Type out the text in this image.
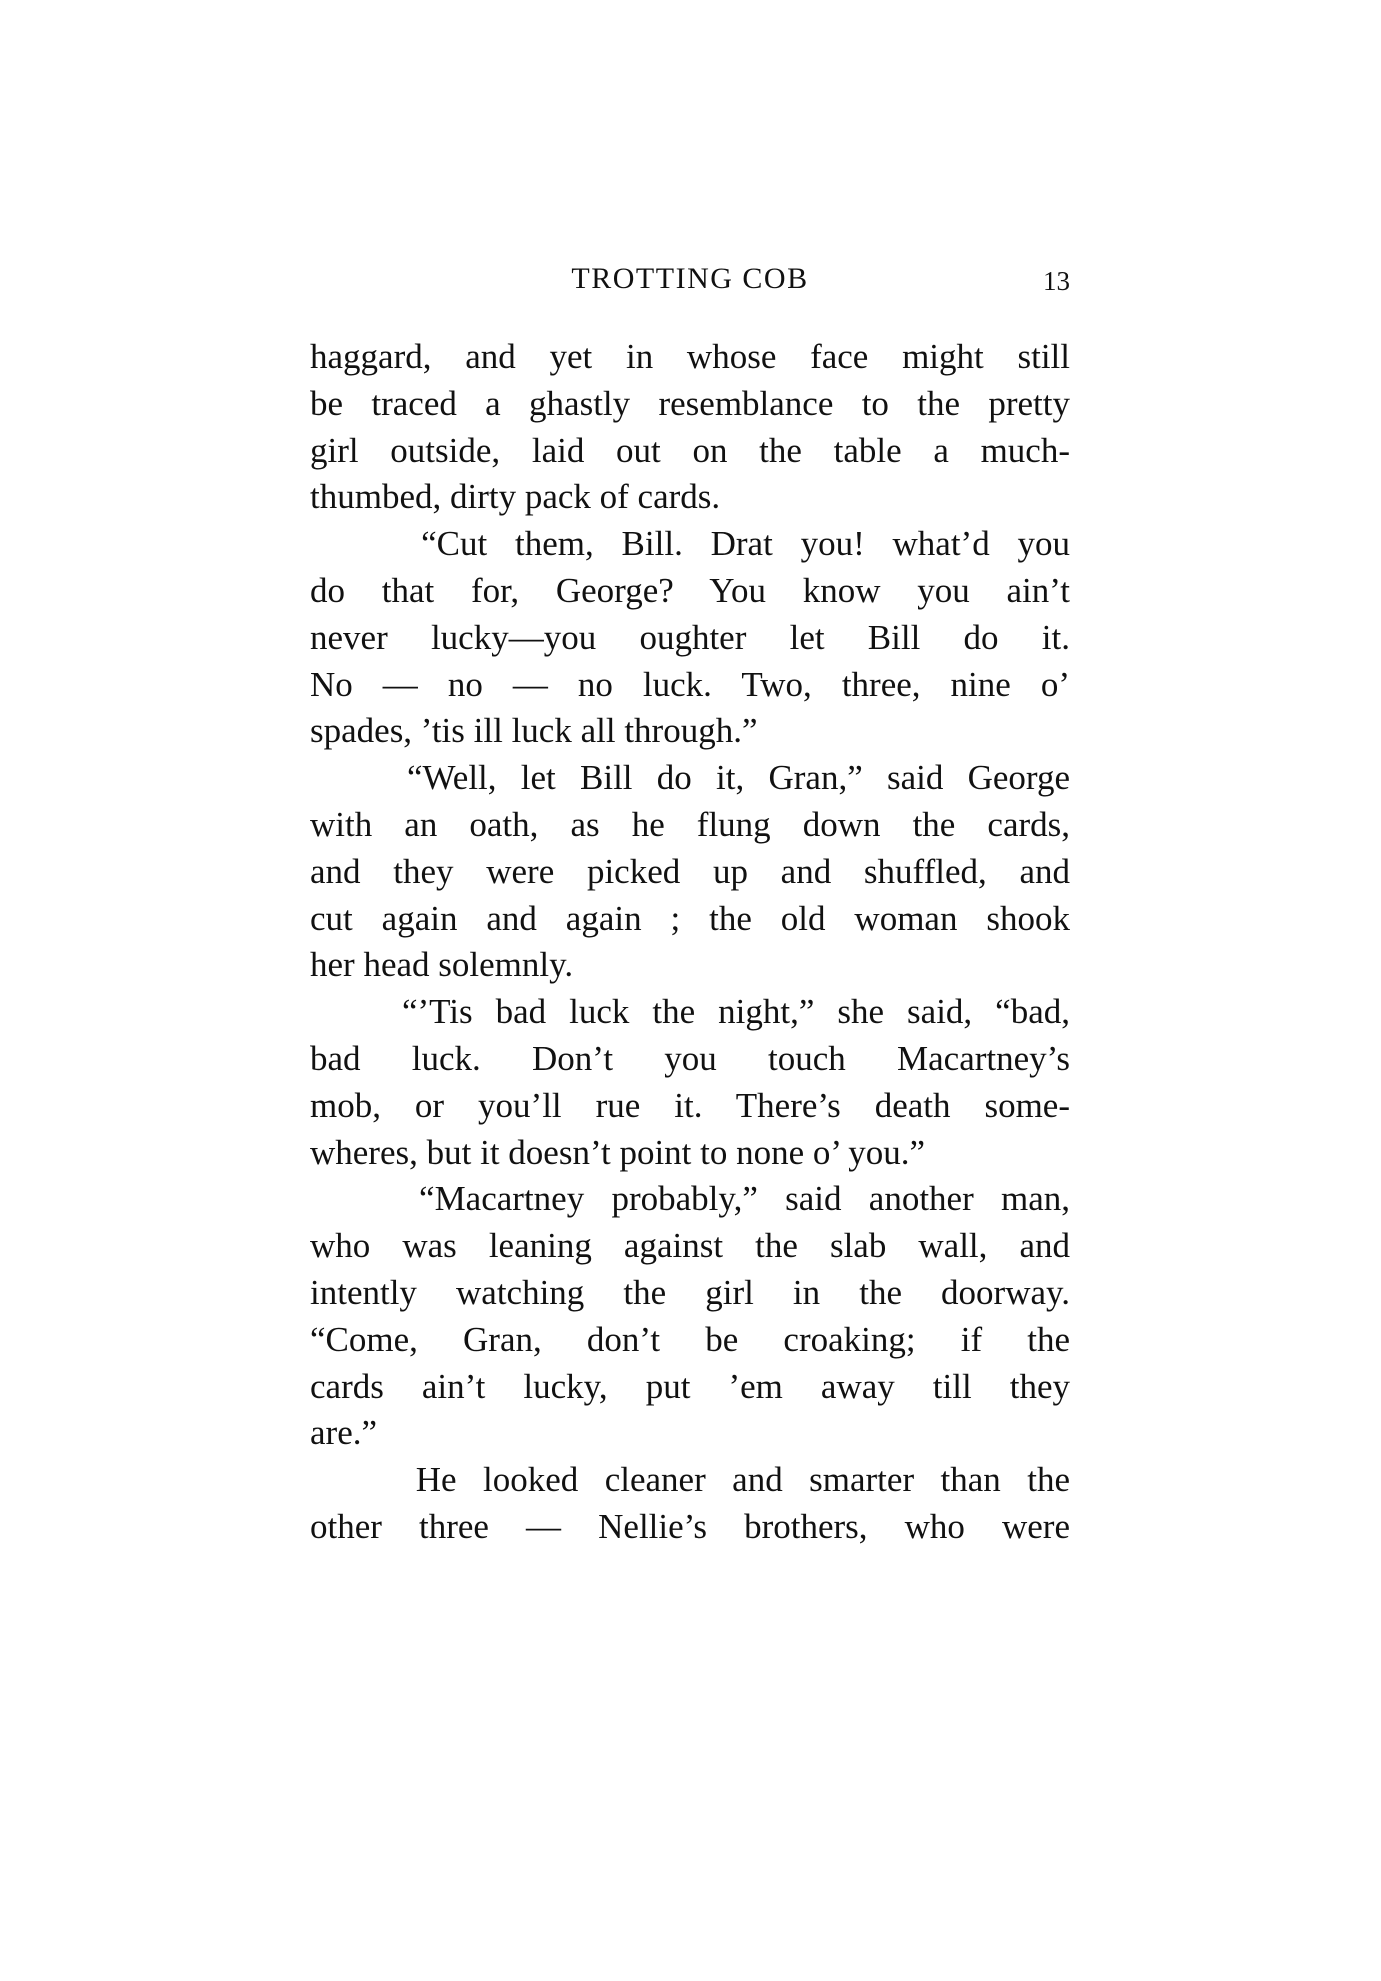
TROTTING COB	13
haggard, and yet in whose face might still
be traced a ghastly resemblance to the pretty
girl outside, laid out on the table a much-
thumbed, dirty pack of cards.
“Cut them, Bill. Drat you! what’d you
do that for, George? You know you ain’t
never lucky—you oughter let Bill do it.
No — no — no luck. Two, three, nine o’
spades, ’tis ill luck all through.”
“Well, let Bill do it, Gran,” said George
with an oath, as he flung down the cards,
and they were picked up and shuffled, and
cut again and again ; the old woman shook
her head solemnly.
“’Tis bad luck the night,” she said, “bad,
bad luck. Don’t you touch Macartney’s
mob, or you’ll rue it. There’s death some-
wheres, but it doesn’t point to none o’ you.”
“Macartney probably,” said another man,
who was leaning against the slab wall, and
intently watching the girl in the doorway.
“Come, Gran, don’t be croaking; if the
cards ain’t lucky, put ’em away till they
are.”
He looked cleaner and smarter than the
other three — Nellie’s brothers, who were
